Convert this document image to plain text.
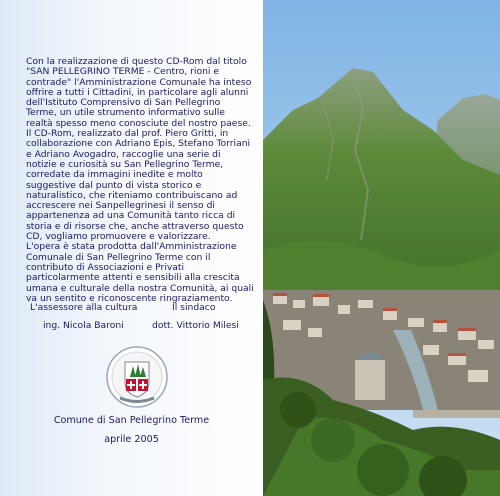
Con la realizzazione di questo CD-Rom dal titolo "SAN PELLEGRINO TERME - Centro, rioni e contrade" l'Amministrazione Comunale ha inteso offrire a tutti i Cittadini, in particolare agli alunni dell'Istituto Comprensivo di San Pellegrino Terme, un utile strumento informativo sulle realtà spesso meno conosciute del nostro paese.

Il CD-Rom, realizzato dal prof. Piero Gritti, in collaborazione con Adriano Epis, Stefano Torriani e Adriano Avogadro, raccoglie una serie di notizie e curiosità su San Pellegrino Terme, corredate da immagini inedite e molto suggestive dal punto di vista storico e naturalistico, che riteniamo contribuiscano ad accrescere nei Sanpellegrinesi il senso di appartenenza ad una Comunità tanto ricca di storia e di risorse che, anche attraverso questo CD, vogliamo promuovere e valorizzare.

L'opera è stata prodotta dall'Amministrazione Comunale di San Pellegrino Terme con il contributo di Associazioni e Privati particolarmente attenti e sensibili alla crescita umana e culturale della nostra Comunità, ai quali va un sentito e riconoscente ringraziamento.

L'assessore alla cultura
ing. Nicola Baroni
Il sindaco
dott. Vittorio Milesi
Comune di San Pellegrino Terme
aprile 2005
